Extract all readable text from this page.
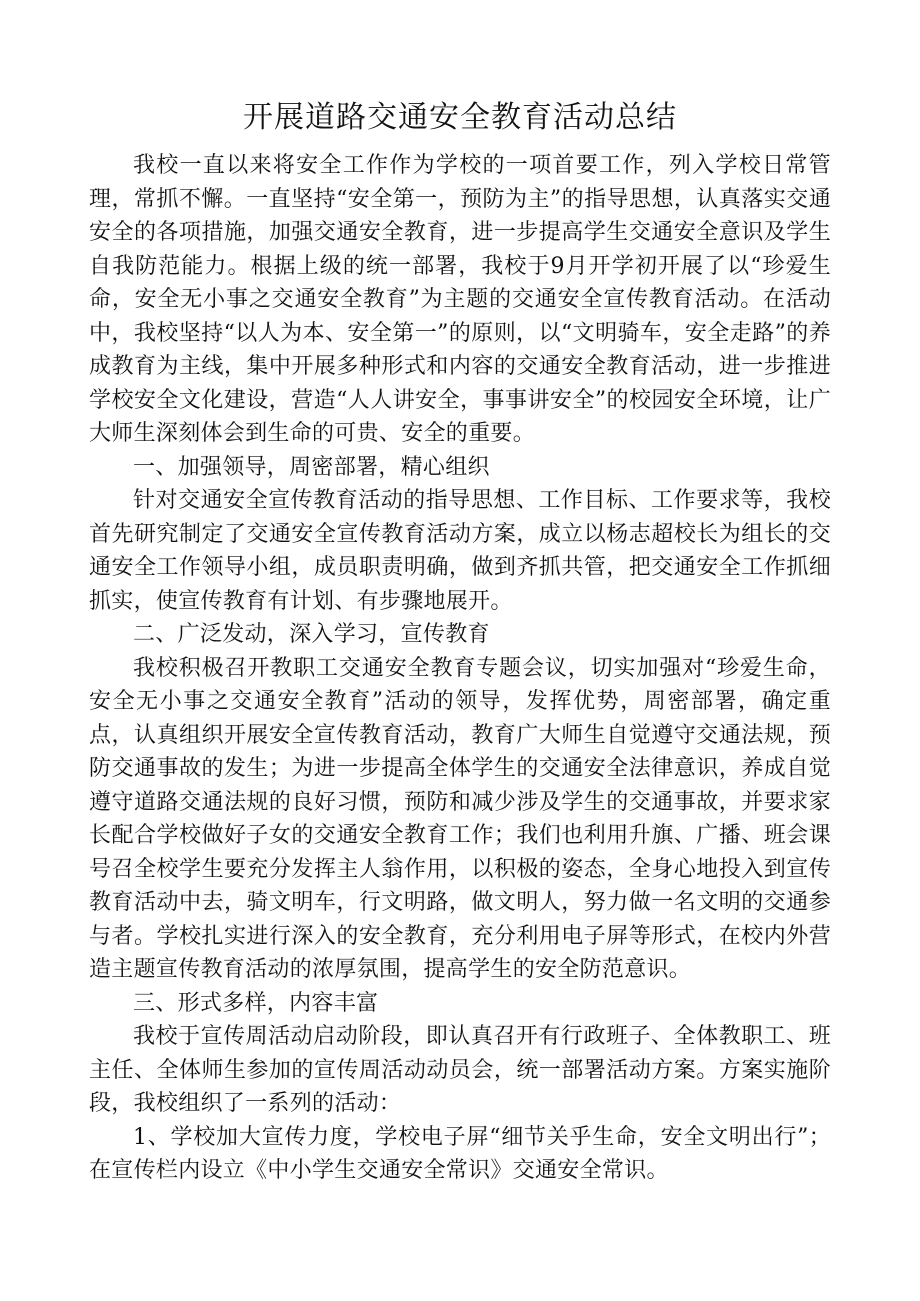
开展道路交通安全教育活动总结

我校一直以来将安全工作作为学校的一项首要工作，列入学校日常管理，常抓不懈。一直坚持“安全第一，预防为主”的指导思想，认真落实交通安全的各项措施，加强交通安全教育，进一步提高学生交通安全意识及学生自我防范能力。根据上级的统一部署，我校于9月开学初开展了以“珍爱生命，安全无小事之交通安全教育”为主题的交通安全宣传教育活动。在活动中，我校坚持“以人为本、安全第一”的原则，以“文明骑车，安全走路”的养成教育为主线，集中开展多种形式和内容的交通安全教育活动，进一步推进学校安全文化建设，营造“人人讲安全，事事讲安全”的校园安全环境，让广大师生深刻体会到生命的可贵、安全的重要。

一、加强领导，周密部署，精心组织

针对交通安全宣传教育活动的指导思想、工作目标、工作要求等，我校首先研究制定了交通安全宣传教育活动方案，成立以杨志超校长为组长的交通安全工作领导小组，成员职责明确，做到齐抓共管，把交通安全工作抓细抓实，使宣传教育有计划、有步骤地展开。

二、广泛发动，深入学习，宣传教育

我校积极召开教职工交通安全教育专题会议，切实加强对“珍爱生命，安全无小事之交通安全教育”活动的领导，发挥优势，周密部署，确定重点，认真组织开展安全宣传教育活动，教育广大师生自觉遵守交通法规，预防交通事故的发生；为进一步提高全体学生的交通安全法律意识，养成自觉遵守道路交通法规的良好习惯，预防和减少涉及学生的交通事故，并要求家长配合学校做好子女的交通安全教育工作；我们也利用升旗、广播、班会课号召全校学生要充分发挥主人翁作用，以积极的姿态，全身心地投入到宣传教育活动中去，骑文明车，行文明路，做文明人，努力做一名文明的交通参与者。学校扎实进行深入的安全教育，充分利用电子屏等形式，在校内外营造主题宣传教育活动的浓厚氛围，提高学生的安全防范意识。

三、形式多样，内容丰富

我校于宣传周活动启动阶段，即认真召开有行政班子、全体教职工、班主任、全体师生参加的宣传周活动动员会，统一部署活动方案。方案实施阶段，我校组织了一系列的活动：

1、学校加大宣传力度，学校电子屏“细节关乎生命，安全文明出行”；在宣传栏内设立《中小学生交通安全常识》交通安全常识。
